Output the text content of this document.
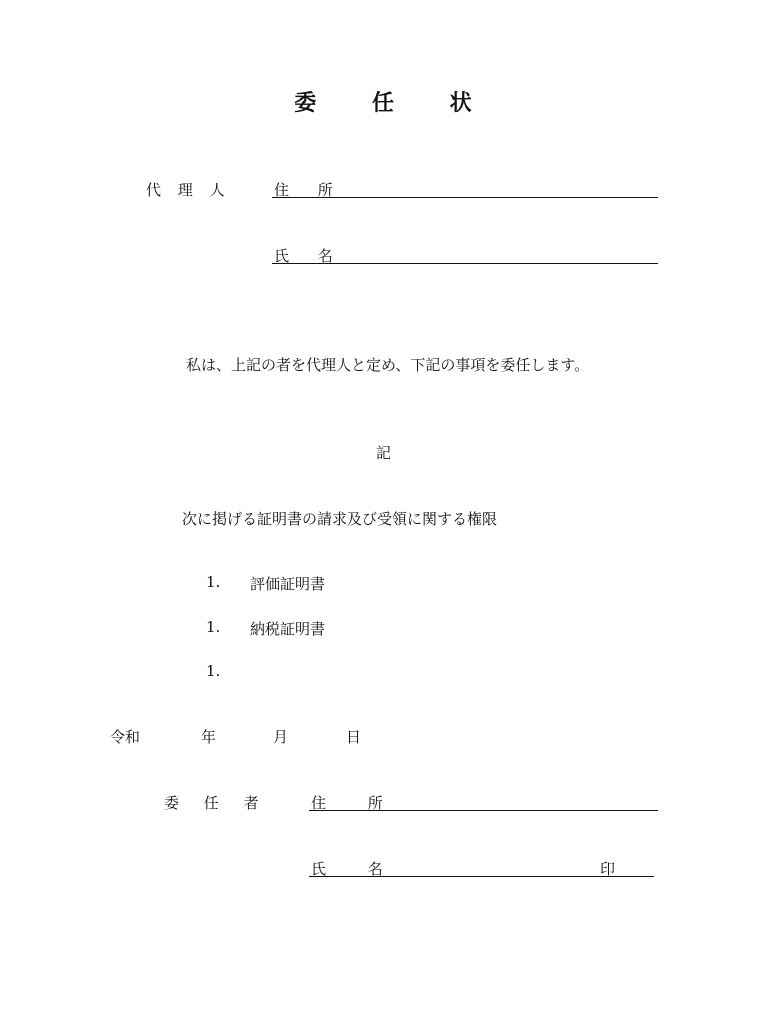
委 任 状
代 理 人	住 所
氏 名
私は、上記の者を代理人と定め、下記の事項を委任します。
記
次に掲げる証明書の請求及び受領に関する権限
1. 評価証明書
1. 納税証明書
1.
令和	年	月	日
委 任 者	住	所
氏	名	印
